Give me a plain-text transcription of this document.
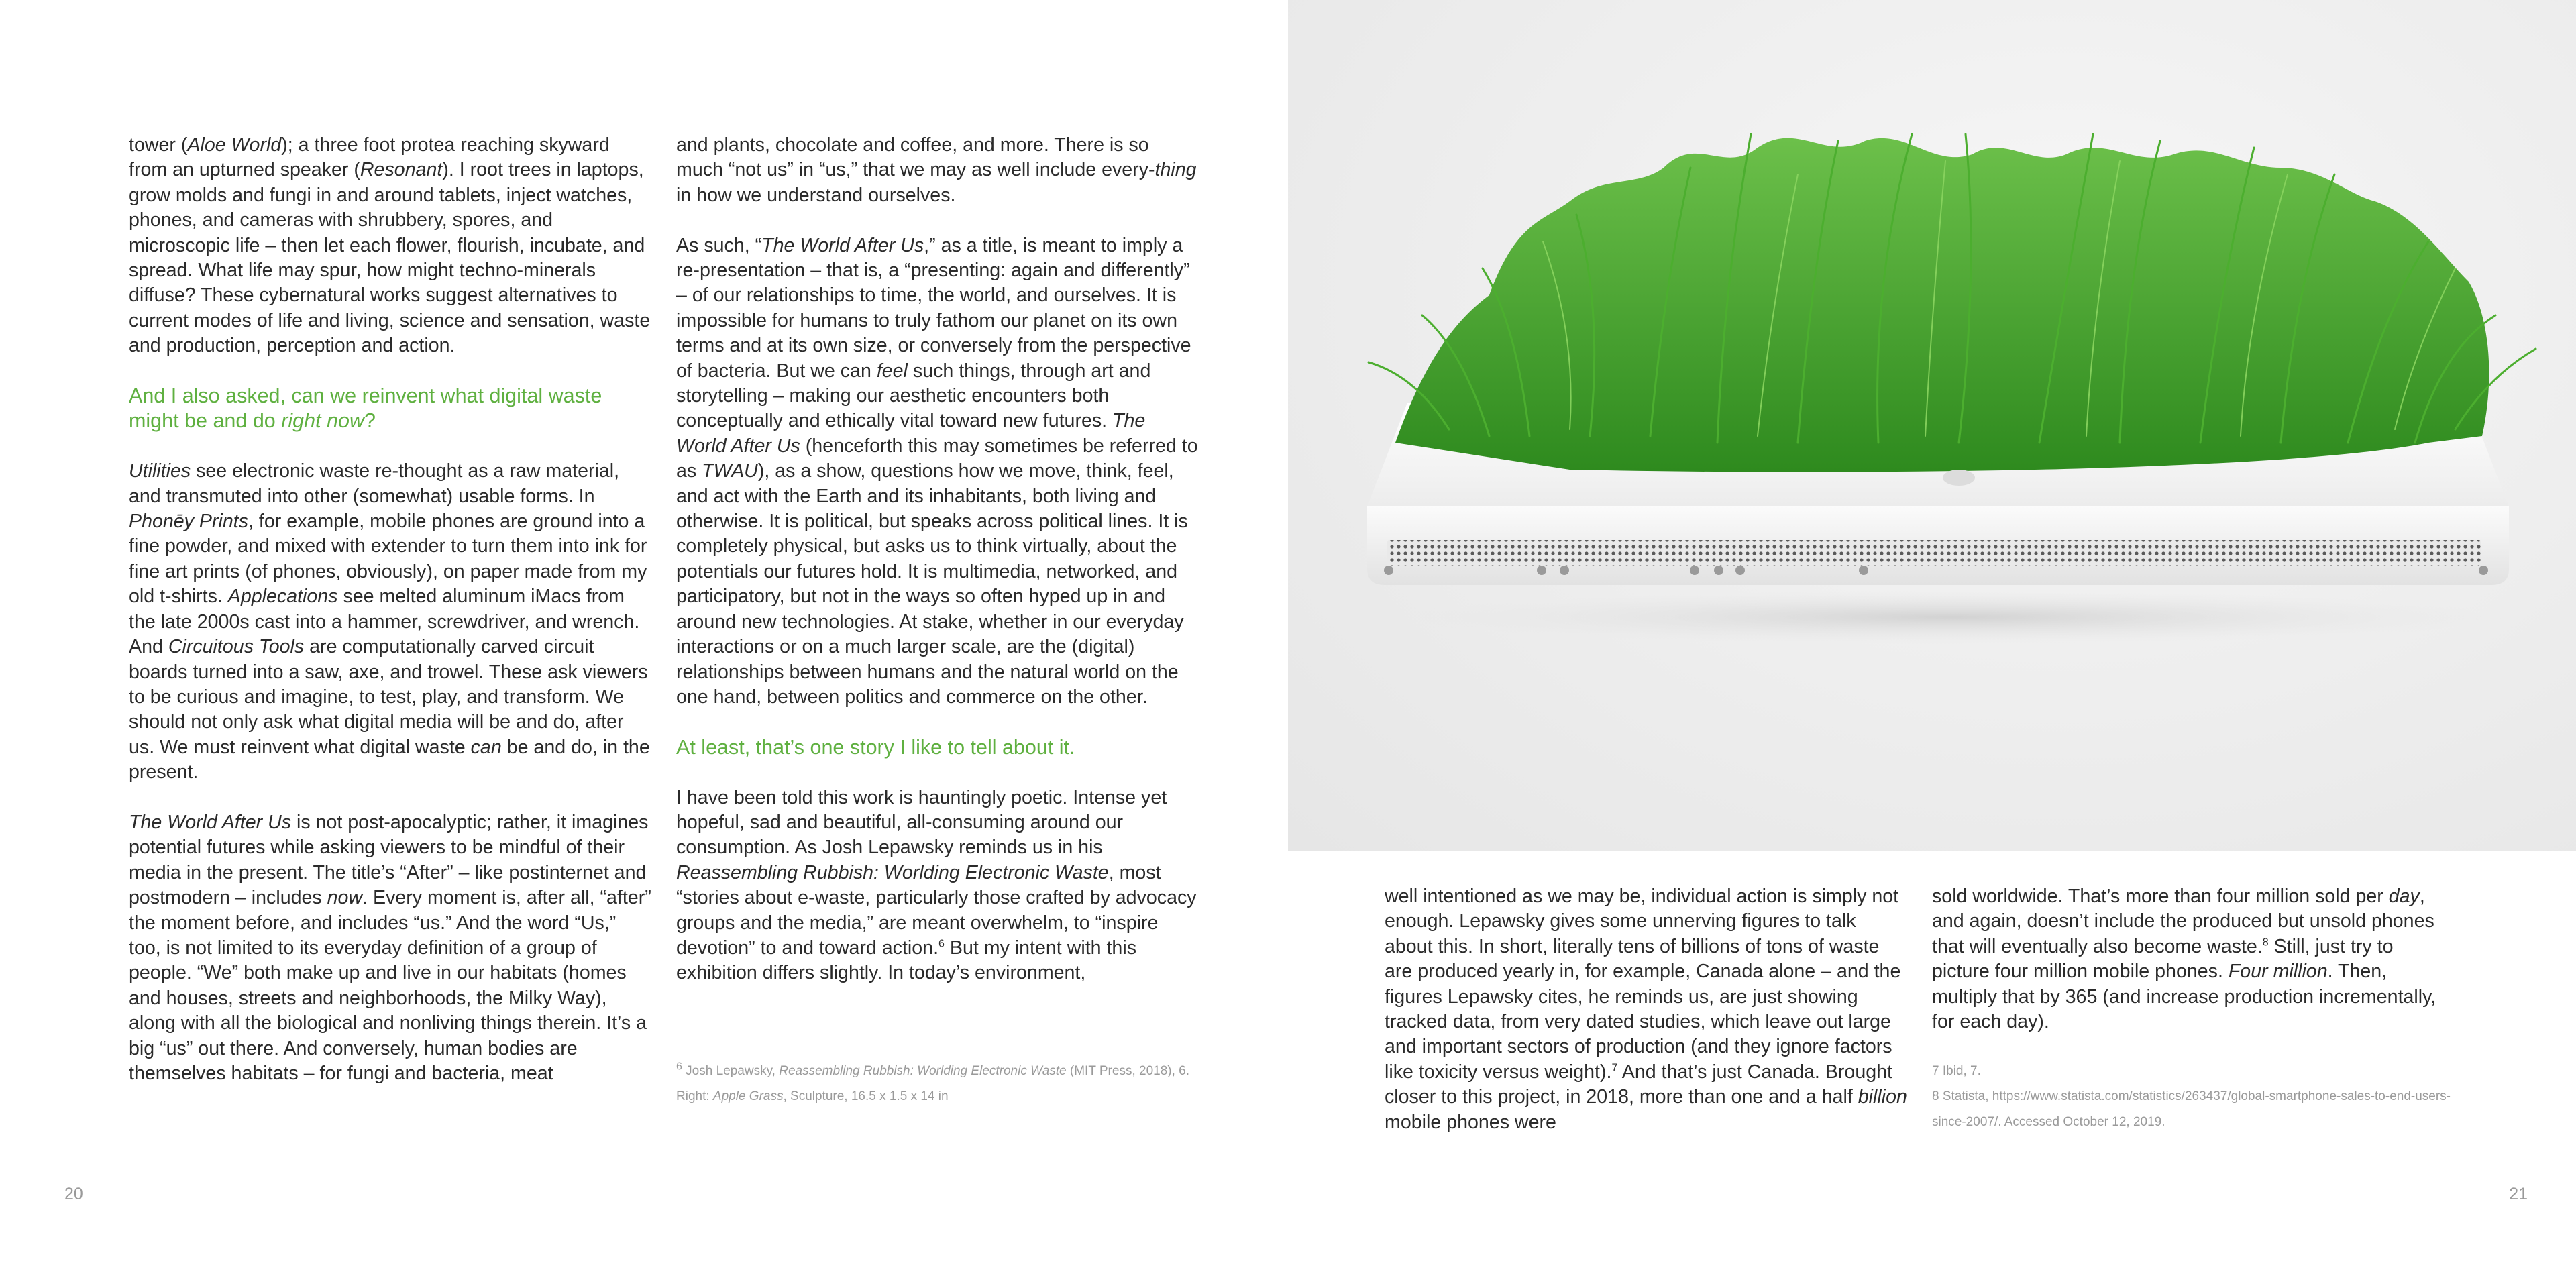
tower (Aloe World); a three foot protea reaching skyward from an upturned speaker (Resonant). I root trees in laptops, grow molds and fungi in and around tablets, inject watches, phones, and cameras with shrubbery, spores, and microscopic life – then let each flower, flourish, incubate, and spread. What life may spur, how might techno-minerals diffuse? These cybernatural works suggest alternatives to current modes of life and living, science and sensation, waste and production, perception and action.

And I also asked, can we reinvent what digital waste might be and do right now?

Utilities see electronic waste re-thought as a raw material, and transmuted into other (somewhat) usable forms. In Phonēy Prints, for example, mobile phones are ground into a fine powder, and mixed with extender to turn them into ink for fine art prints (of phones, obviously), on paper made from my old t-shirts. Applecations see melted aluminum iMacs from the late 2000s cast into a hammer, screwdriver, and wrench. And Circuitous Tools are computationally carved circuit boards turned into a saw, axe, and trowel. These ask viewers to be curious and imagine, to test, play, and transform. We should not only ask what digital media will be and do, after us. We must reinvent what digital waste can be and do, in the present.

The World After Us is not post-apocalyptic; rather, it imagines potential futures while asking viewers to be mindful of their media in the present. The title’s “After” – like postinternet and postmodern – includes now. Every moment is, after all, “after” the moment before, and includes “us.” And the word “Us,” too, is not limited to its everyday definition of a group of people. “We” both make up and live in our habitats (homes and houses, streets and neighborhoods, the Milky Way), along with all the biological and nonliving things therein. It’s a big “us” out there. And conversely, human bodies are themselves habitats – for fungi and bacteria, meat

and plants, chocolate and coffee, and more. There is so much “not us” in “us,” that we may as well include every-thing in how we understand ourselves.

As such, “The World After Us,” as a title, is meant to imply a re-presentation – that is, a “presenting: again and differently” – of our relationships to time, the world, and ourselves. It is impossible for humans to truly fathom our planet on its own terms and at its own size, or conversely from the perspective of bacteria. But we can feel such things, through art and storytelling – making our aesthetic encounters both conceptually and ethically vital toward new futures. The World After Us (henceforth this may sometimes be referred to as TWAU), as a show, questions how we move, think, feel, and act with the Earth and its inhabitants, both living and otherwise. It is political, but speaks across political lines. It is completely physical, but asks us to think virtually, about the potentials our futures hold. It is multimedia, networked, and participatory, but not in the ways so often hyped up in and around new technologies. At stake, whether in our everyday interactions or on a much larger scale, are the (digital) relationships between humans and the natural world on the one hand, between politics and commerce on the other.

At least, that’s one story I like to tell about it.

I have been told this work is hauntingly poetic. Intense yet hopeful, sad and beautiful, all-consuming around our consumption. As Josh Lepawsky reminds us in his Reassembling Rubbish: Worlding Electronic Waste, most “stories about e-waste, particularly those crafted by advocacy groups and the media,” are meant overwhelm, to “inspire devotion” to and toward action.$^6$ But my intent with this exhibition differs slightly. In today’s environment,

$^6$ Josh Lepawsky, Reassembling Rubbish: Worlding Electronic Waste (MIT Press, 2018), 6.

Right: Apple Grass, Sculpture, 16.5 x 1.5 x 14 in

20

well intentioned as we may be, individual action is simply not enough. Lepawsky gives some unnerving figures to talk about this. In short, literally tens of billions of tons of waste are produced yearly in, for example, Canada alone – and the figures Lepawsky cites, he reminds us, are just showing tracked data, from very dated studies, which leave out large and important sectors of production (and they ignore factors like toxicity versus weight).$^7$ And that’s just Canada. Brought closer to this project, in 2018, more than one and a half billion mobile phones were

sold worldwide. That’s more than four million sold per day, and again, doesn’t include the produced but unsold phones that will eventually also become waste.$^8$ Still, just try to picture four million mobile phones. Four million. Then, multiply that by 365 (and increase production incrementally, for each day).

7 Ibid, 7.

8 Statista, https://www.statista.com/statistics/263437/global-smartphone-sales-to-end-users-since-2007/. Accessed October 12, 2019.

21
